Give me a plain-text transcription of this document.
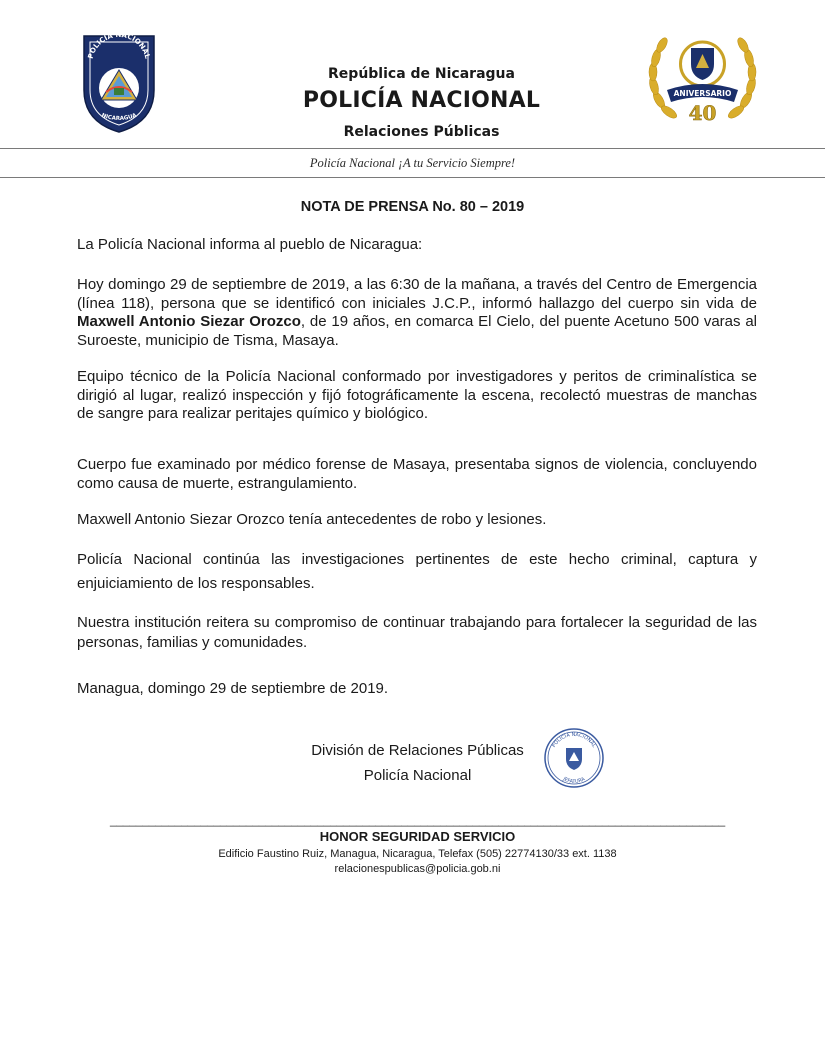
POLICIA NACIONAL
NICARAGUA
República de Nicaragua
POLICÍA NACIONAL
Relaciones Públicas
ANIVERSARIO
40
Policía Nacional ¡A tu Servicio Siempre!
NOTA DE PRENSA No. 80 – 2019

La Policía Nacional informa al pueblo de Nicaragua:

Hoy domingo 29 de septiembre de 2019, a las 6:30 de la mañana, a través del Centro de Emergencia (línea 118), persona que se identificó con iniciales J.C.P., informó hallazgo del cuerpo sin vida de Maxwell Antonio Siezar Orozco, de 19 años, en comarca El Cielo, del puente Acetuno 500 varas al Suroeste, municipio de Tisma, Masaya.

Equipo técnico de la Policía Nacional conformado por investigadores y peritos de criminalística se dirigió al lugar, realizó inspección y fijó fotográficamente la escena, recolectó muestras de manchas de sangre para realizar peritajes químico y biológico.

Cuerpo fue examinado por médico forense de Masaya, presentaba signos de violencia, concluyendo como causa de muerte, estrangulamiento.

Maxwell Antonio Siezar Orozco tenía antecedentes de robo y lesiones.

Policía Nacional continúa las investigaciones pertinentes de este hecho criminal, captura y enjuiciamiento de los responsables.

Nuestra institución reitera su compromiso de continuar trabajando para fortalecer la seguridad de las personas, familias y comunidades.

Managua, domingo 29 de septiembre de 2019.

División de Relaciones Públicas
Policía Nacional
POLICIA NACIONAL
JEFATURA
_______________________________________________________________________________________________
HONOR SEGURIDAD SERVICIO
Edificio Faustino Ruiz, Managua, Nicaragua, Telefax (505) 22774130/33 ext. 1138
relacionespublicas@policia.gob.ni
